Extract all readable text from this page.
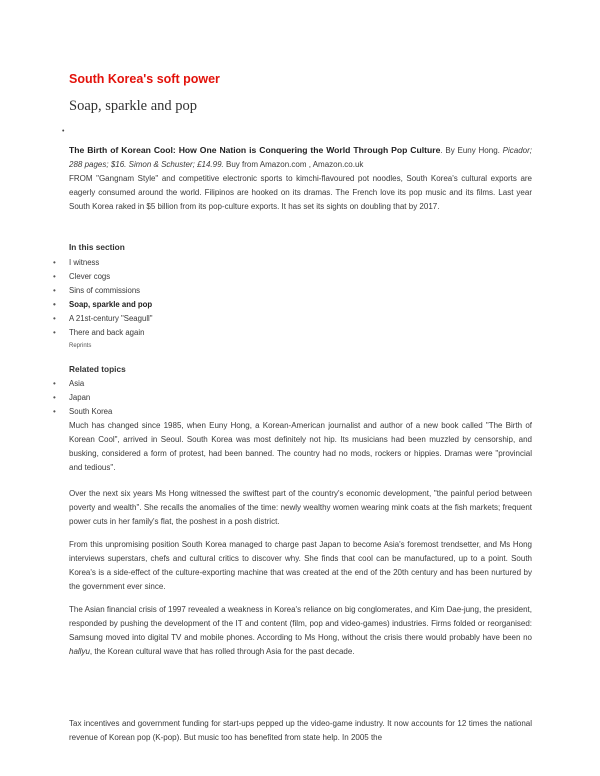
South Korea's soft power
Soap, sparkle and pop
•

The Birth of Korean Cool: How One Nation is Conquering the World Through Pop Culture. By Euny Hong. Picador; 288 pages; $16. Simon & Schuster; £14.99. Buy from Amazon.com , Amazon.co.uk
FROM "Gangnam Style" and competitive electronic sports to kimchi-flavoured pot noodles, South Korea's cultural exports are eagerly consumed around the world. Filipinos are hooked on its dramas. The French love its pop music and its films. Last year South Korea raked in $5 billion from its pop-culture exports. It has set its sights on doubling that by 2017.

In this section
• I witness
• Clever cogs
• Sins of commissions
• Soap, sparkle and pop
• A 21st-century "Seagull"
• There and back again
Reprints
Related topics
• Asia
• Japan
• South Korea

Much has changed since 1985, when Euny Hong, a Korean-American journalist and author of a new book called "The Birth of Korean Cool", arrived in Seoul. South Korea was most definitely not hip. Its musicians had been muzzled by censorship, and busking, considered a form of protest, had been banned. The country had no mods, rockers or hippies. Dramas were "provincial and tedious".

Over the next six years Ms Hong witnessed the swiftest part of the country's economic development, "the painful period between poverty and wealth". She recalls the anomalies of the time: newly wealthy women wearing mink coats at the fish markets; frequent power cuts in her family's flat, the poshest in a posh district.

From this unpromising position South Korea managed to charge past Japan to become Asia's foremost trendsetter, and Ms Hong interviews superstars, chefs and cultural critics to discover why. She finds that cool can be manufactured, up to a point. South Korea's is a side-effect of the culture-exporting machine that was created at the end of the 20th century and has been nurtured by the government ever since.

The Asian financial crisis of 1997 revealed a weakness in Korea's reliance on big conglomerates, and Kim Dae-jung, the president, responded by pushing the development of the IT and content (film, pop and video-games) industries. Firms folded or reorganised: Samsung moved into digital TV and mobile phones. According to Ms Hong, without the crisis there would probably have been no hallyu, the Korean cultural wave that has rolled through Asia for the past decade.

Tax incentives and government funding for start-ups pepped up the video-game industry. It now accounts for 12 times the national revenue of Korean pop (K-pop). But music too has benefited from state help. In 2005 the
